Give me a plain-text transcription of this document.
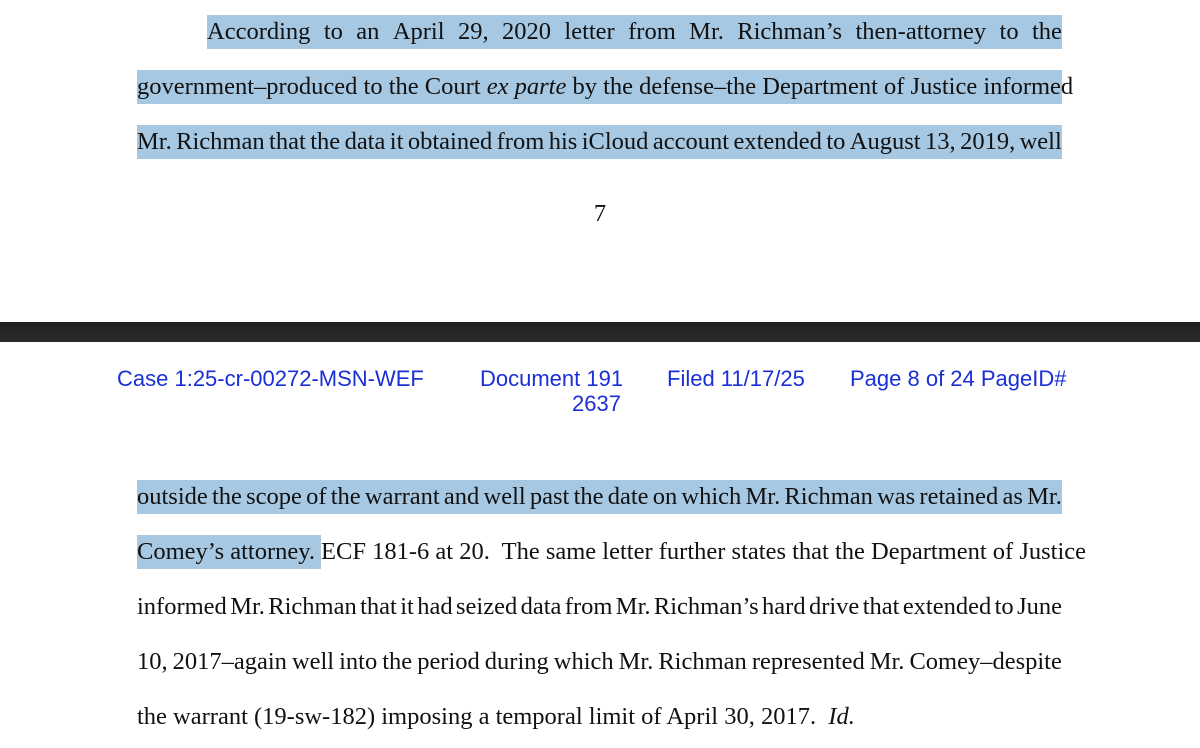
According to an April 29, 2020 letter from Mr. Richman’s then-attorney to the
government–produced to the Court ex parte by the defense–the Department of Justice informed
Mr. Richman that the data it obtained from his iCloud account extended to August 13, 2019, well
7
Case 1:25-cr-00272-MSN-WEF	Document 191
2637
Filed 11/17/25 Page 8 of 24 PageID#
outside the scope of the warrant and well past the date on which Mr. Richman was retained as Mr.
Comey’s attorney. ECF 181-6 at 20.  The same letter further states that the Department of Justice
informed Mr. Richman that it had seized data from Mr. Richman’s hard drive that extended to June
10, 2017–again well into the period during which Mr. Richman represented Mr. Comey–despite
the warrant (19-sw-182) imposing a temporal limit of April 30, 2017.  Id.
